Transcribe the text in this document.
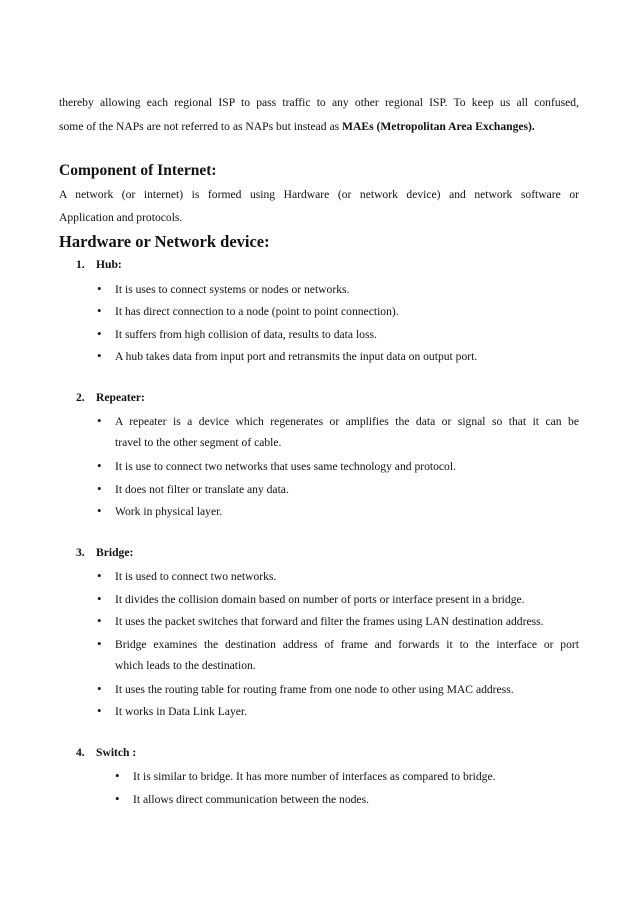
thereby allowing each regional ISP to pass traffic to any other regional ISP. To keep us all confused,
some of the NAPs are not referred to as NAPs but instead as MAEs (Metropolitan Area Exchanges).
Component of Internet:
A network (or internet) is formed using Hardware (or network device) and network software or
Application and protocols.
Hardware or Network device:
1. Hub:
• It is uses to connect systems or nodes or networks.
• It has direct connection to a node (point to point connection).
• It suffers from high collision of data, results to data loss.
• A hub takes data from input port and retransmits the input data on output port.
2. Repeater:
• A repeater is a device which regenerates or amplifies the data or signal so that it can be
travel to the other segment of cable.
• It is use to connect two networks that uses same technology and protocol.
• It does not filter or translate any data.
• Work in physical layer.
3. Bridge:
• It is used to connect two networks.
• It divides the collision domain based on number of ports or interface present in a bridge.
• It uses the packet switches that forward and filter the frames using LAN destination address.
• Bridge examines the destination address of frame and forwards it to the interface or port
which leads to the destination.
• It uses the routing table for routing frame from one node to other using MAC address.
• It works in Data Link Layer.
4. Switch :
• It is similar to bridge. It has more number of interfaces as compared to bridge.
• It allows direct communication between the nodes.
